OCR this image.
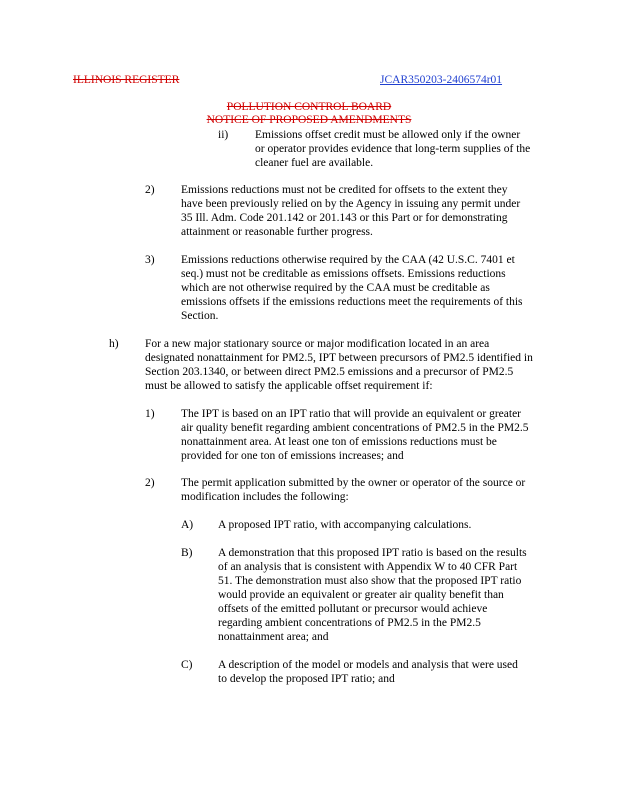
ILLINOIS REGISTER	JCAR350203-2406574r01
POLLUTION CONTROL BOARD
NOTICE OF PROPOSED AMENDMENTS
ii) Emissions offset credit must be allowed only if the owner
or operator provides evidence that long-term supplies of the
cleaner fuel are available.
2) Emissions reductions must not be credited for offsets to the extent they
have been previously relied on by the Agency in issuing any permit under
35 Ill. Adm. Code 201.142 or 201.143 or this Part or for demonstrating
attainment or reasonable further progress.
3) Emissions reductions otherwise required by the CAA (42 U.S.C. 7401 et
seq.) must not be creditable as emissions offsets. Emissions reductions
which are not otherwise required by the CAA must be creditable as
emissions offsets if the emissions reductions meet the requirements of this
Section.
h) For a new major stationary source or major modification located in an area
designated nonattainment for PM2.5, IPT between precursors of PM2.5 identified in
Section 203.1340, or between direct PM2.5 emissions and a precursor of PM2.5
must be allowed to satisfy the applicable offset requirement if:
1) The IPT is based on an IPT ratio that will provide an equivalent or greater
air quality benefit regarding ambient concentrations of PM2.5 in the PM2.5
nonattainment area. At least one ton of emissions reductions must be
provided for one ton of emissions increases; and
2) The permit application submitted by the owner or operator of the source or
modification includes the following:
A) A proposed IPT ratio, with accompanying calculations.
B) A demonstration that this proposed IPT ratio is based on the results
of an analysis that is consistent with Appendix W to 40 CFR Part
51. The demonstration must also show that the proposed IPT ratio
would provide an equivalent or greater air quality benefit than
offsets of the emitted pollutant or precursor would achieve
regarding ambient concentrations of PM2.5 in the PM2.5
nonattainment area; and
C) A description of the model or models and analysis that were used
to develop the proposed IPT ratio; and
